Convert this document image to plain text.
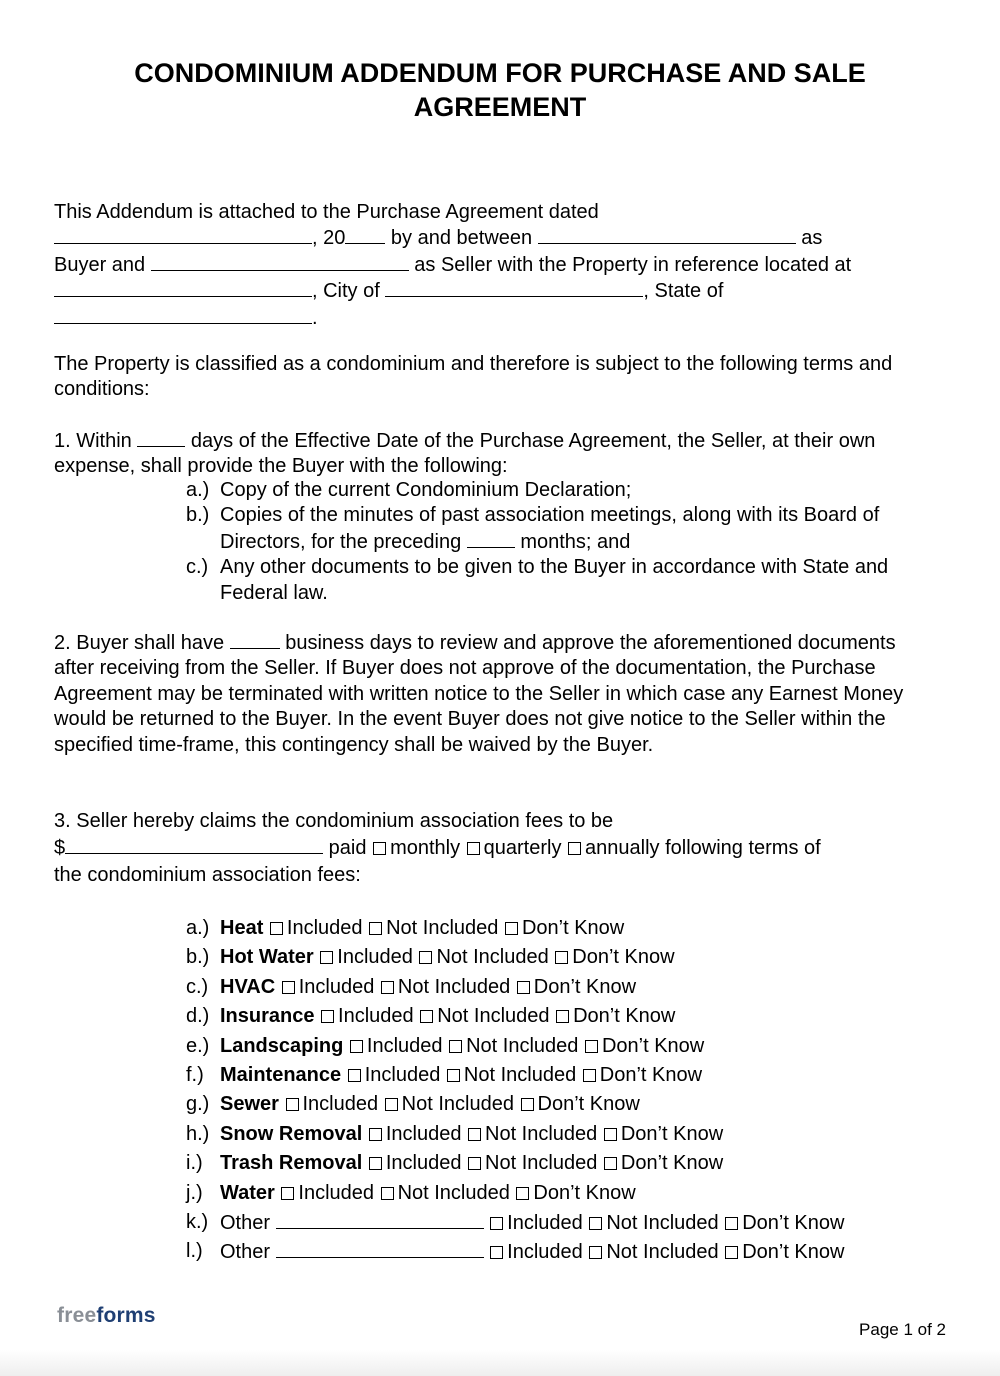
CONDOMINIUM ADDENDUM FOR PURCHASE AND SALE AGREEMENT
This Addendum is attached to the Purchase Agreement dated
, 20 by and between	as
Buyer and	as Seller with the Property in reference located at
, City of	, State of
.
The Property is classified as a condominium and therefore is subject to the following terms and conditions:
1. Within  days of the Effective Date of the Purchase Agreement, the Seller, at their own expense, shall provide the Buyer with the following:
a.) Copy of the current Condominium Declaration;
b.) Copies of the minutes of past association meetings, along with its Board of Directors, for the preceding  months; and
c.) Any other documents to be given to the Buyer in accordance with State and Federal law.
2. Buyer shall have	business days to review and approve the aforementioned documents after receiving from the Seller. If Buyer does not approve of the documentation, the Purchase Agreement may be terminated with written notice to the Seller in which case any Earnest Money would be returned to the Buyer. In the event Buyer does not give notice to the Seller within the specified time-frame, this contingency shall be waived by the Buyer.
3. Seller hereby claims the condominium association fees to be
$	paid monthly quarterly annually following terms of
the condominium association fees:
a.) Heat Included Not Included Don’t Know
b.) Hot Water Included Not Included Don’t Know
c.) HVAC Included Not Included Don’t Know
d.) Insurance Included Not Included Don’t Know
e.) Landscaping Included Not Included Don’t Know
f.) Maintenance Included Not Included Don’t Know
g.) Sewer Included Not Included Don’t Know
h.) Snow Removal Included Not Included Don’t Know
i.) Trash Removal Included Not Included Don’t Know
j.) Water Included Not Included Don’t Know
k.) Other	Included Not Included Don’t Know
l.) Other	Included Not Included Don’t Know
freeforms
Page 1 of 2
